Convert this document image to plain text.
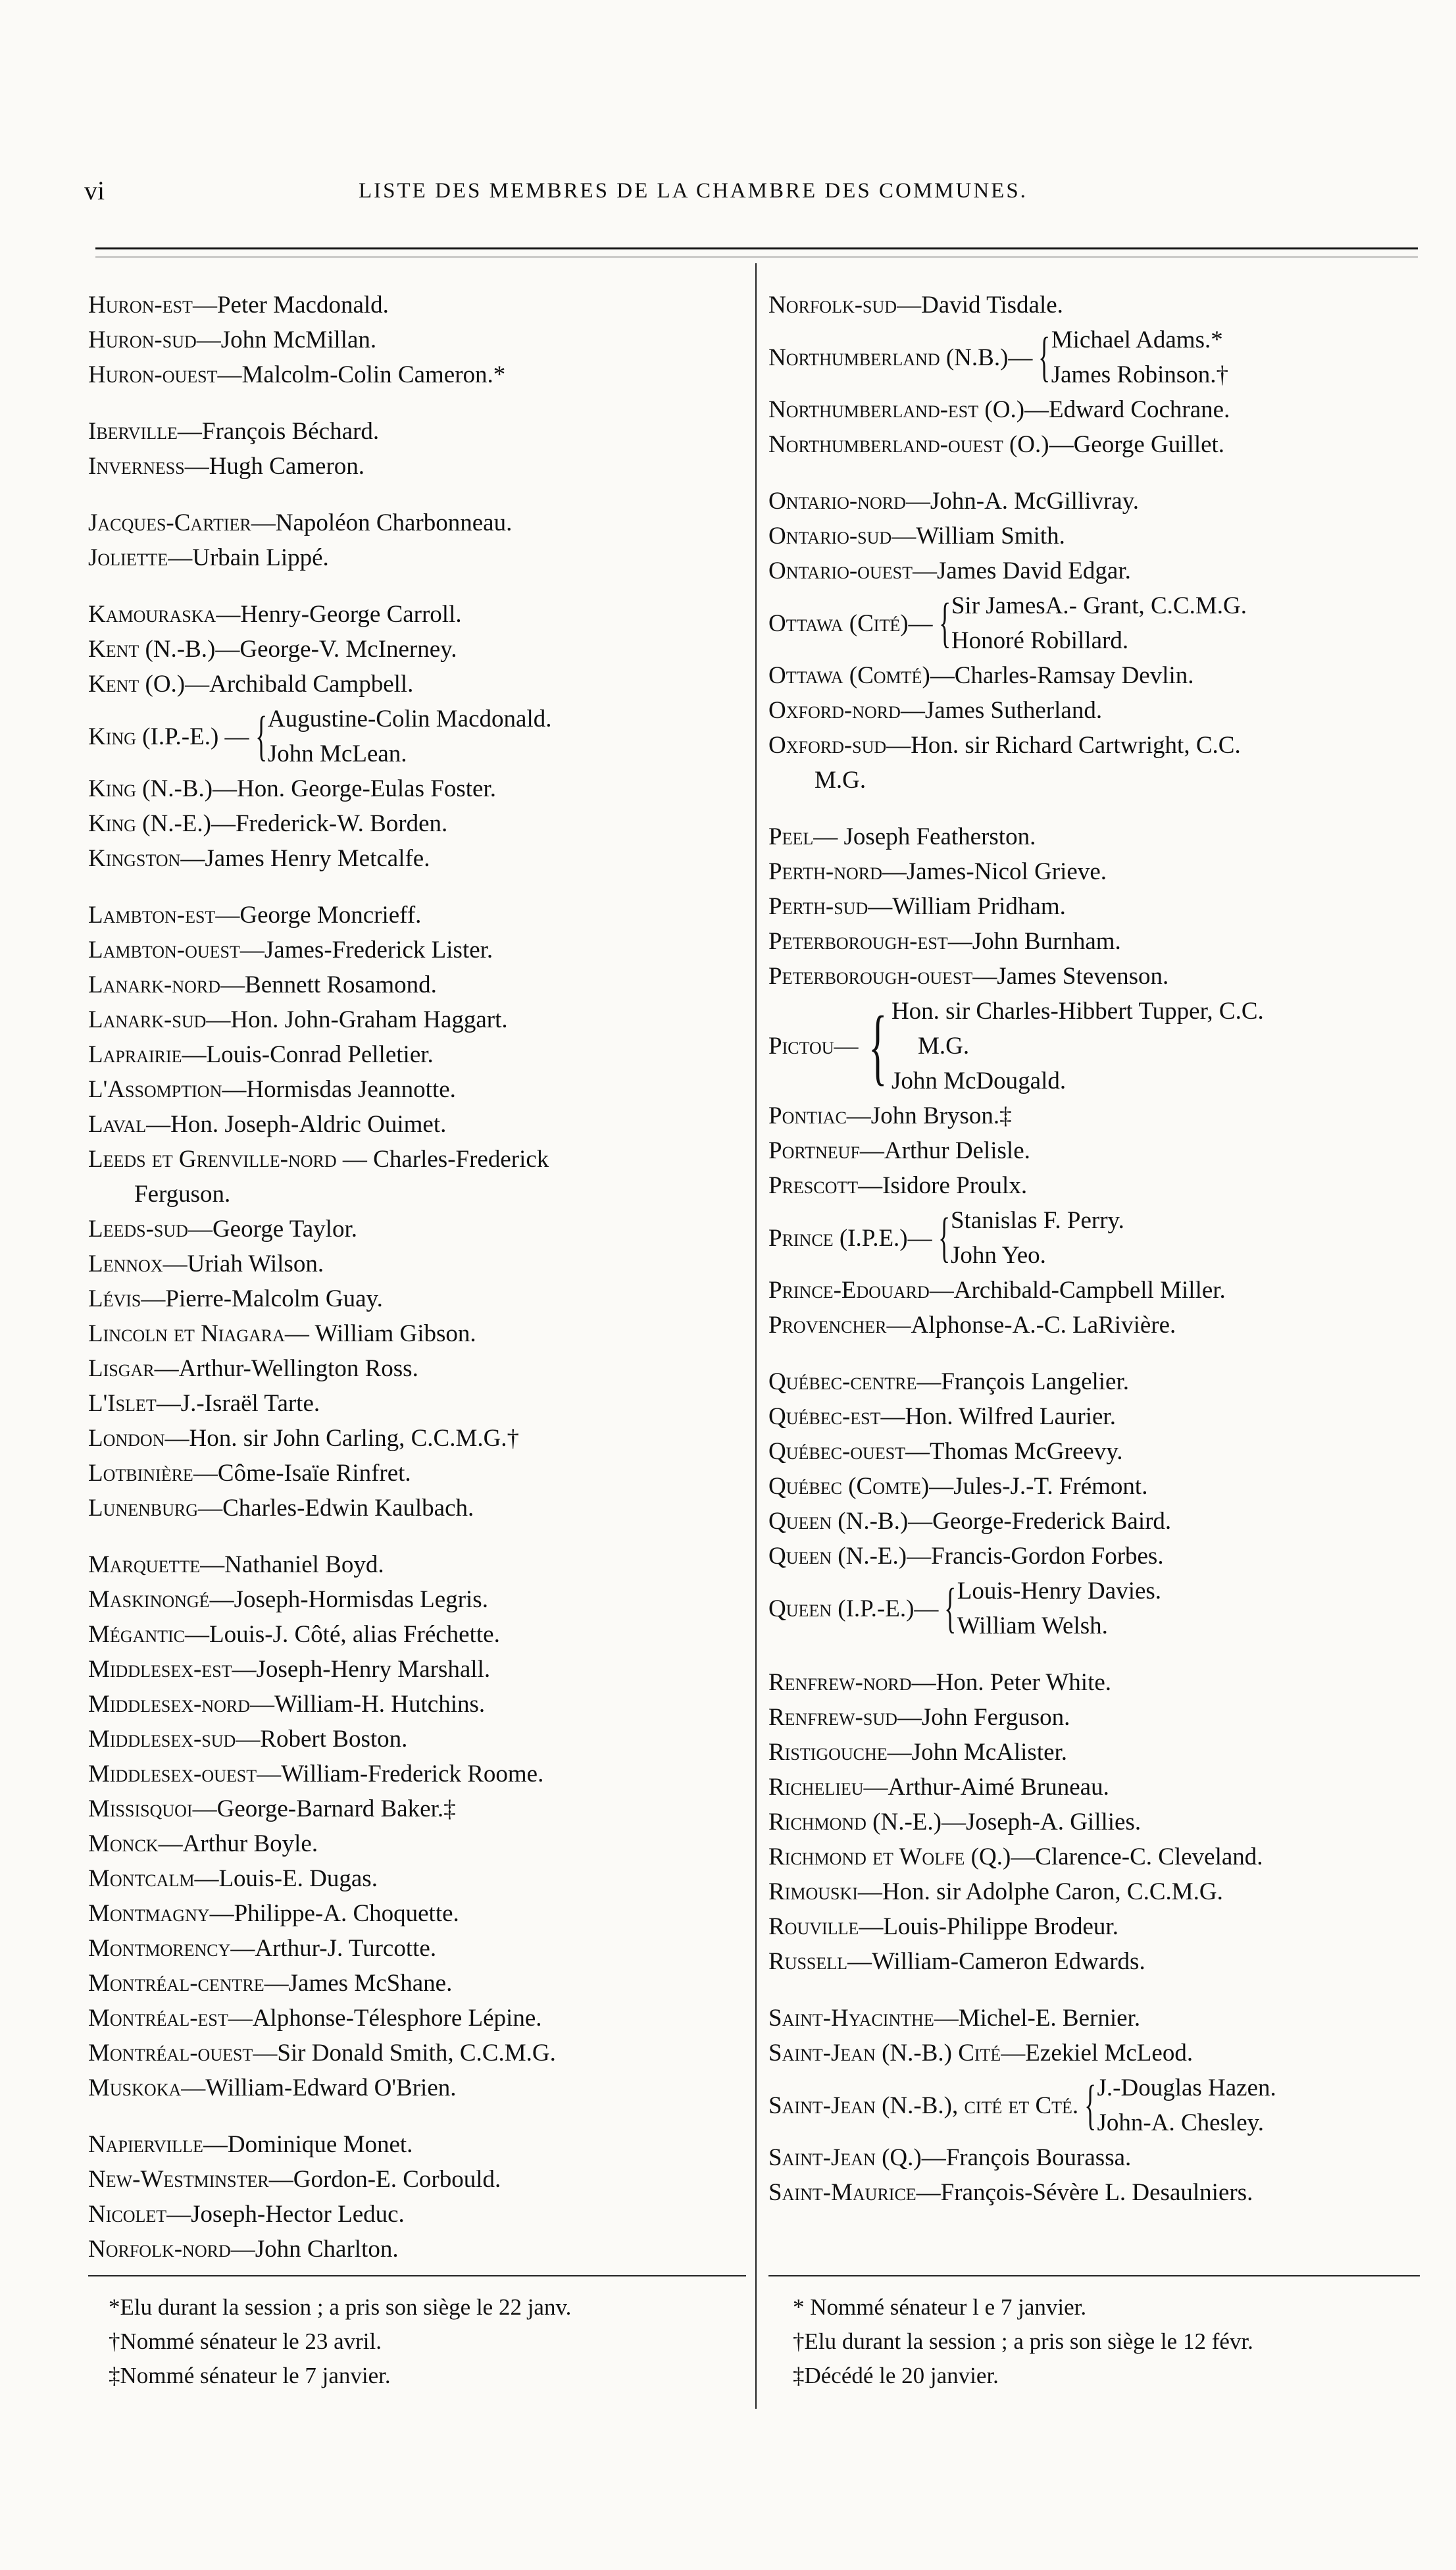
vi	LISTE DES MEMBRES DE LA CHAMBRE DES COMMUNES.
Huron-est—Peter Macdonald.
Huron-sud—John McMillan.
Huron-ouest—Malcolm-Colin Cameron.*
Iberville—François Béchard.
Inverness—Hugh Cameron.
Jacques-Cartier—Napoléon Charbonneau.
Joliette—Urbain Lippé.
Kamouraska—Henry-George Carroll.
Kent (N.-B.)—George-V. McInerney.
Kent (O.)—Archibald Campbell.
King (I.P.-E.) — { Augustine-Colin Macdonald.
John McLean.
King (N.-B.)—Hon. George-Eulas Foster.
King (N.-E.)—Frederick-W. Borden.
Kingston—James Henry Metcalfe.
Lambton-est—George Moncrieff.
Lambton-ouest—James-Frederick Lister.
Lanark-nord—Bennett Rosamond.
Lanark-sud—Hon. John-Graham Haggart.
Laprairie—Louis-Conrad Pelletier.
L'Assomption—Hormisdas Jeannotte.
Laval—Hon. Joseph-Aldric Ouimet.
Leeds et Grenville-nord — Charles-Frederick
Ferguson.
Leeds-sud—George Taylor.
Lennox—Uriah Wilson.
Lévis—Pierre-Malcolm Guay.
Lincoln et Niagara— William Gibson.
Lisgar—Arthur-Wellington Ross.
L'Islet—J.-Israël Tarte.
London—Hon. sir John Carling, C.C.M.G.†
Lotbinière—Côme-Isaïe Rinfret.
Lunenburg—Charles-Edwin Kaulbach.
Marquette—Nathaniel Boyd.
Maskinongé—Joseph-Hormisdas Legris.
Mégantic—Louis-J. Côté, alias Fréchette.
Middlesex-est—Joseph-Henry Marshall.
Middlesex-nord—William-H. Hutchins.
Middlesex-sud—Robert Boston.
Middlesex-ouest—William-Frederick Roome.
Missisquoi—George-Barnard Baker.‡
Monck—Arthur Boyle.
Montcalm—Louis-E. Dugas.
Montmagny—Philippe-A. Choquette.
Montmorency—Arthur-J. Turcotte.
Montréal-centre—James McShane.
Montréal-est—Alphonse-Télesphore Lépine.
Montréal-ouest—Sir Donald Smith, C.C.M.G.
Muskoka—William-Edward O'Brien.
Napierville—Dominique Monet.
New-Westminster—Gordon-E. Corbould.
Nicolet—Joseph-Hector Leduc.
Norfolk-nord—John Charlton.
Norfolk-sud—David Tisdale.
Northumberland (N.B.)— { Michael Adams.*
James Robinson.†
Northumberland-est (O.)—Edward Cochrane.
Northumberland-ouest (O.)—George Guillet.
Ontario-nord—John-A. McGillivray.
Ontario-sud—William Smith.
Ontario-ouest—James David Edgar.
Ottawa (Cité)— { Sir JamesA.- Grant, C.C.M.G.
Honoré Robillard.
Ottawa (Comté)—Charles-Ramsay Devlin.
Oxford-nord—James Sutherland.
Oxford-sud—Hon. sir Richard Cartwright, C.C.
M.G.
Peel— Joseph Featherston.
Perth-nord—James-Nicol Grieve.
Perth-sud—William Pridham.
Peterborough-est—John Burnham.
Peterborough-ouest—James Stevenson.
Pictou— { Hon. sir Charles-Hibbert Tupper, C.C.
M.G.
John McDougald.
Pontiac—John Bryson.‡
Portneuf—Arthur Delisle.
Prescott—Isidore Proulx.
Prince (I.P.E.)— { Stanislas F. Perry.
John Yeo.
Prince-Edouard—Archibald-Campbell Miller.
Provencher—Alphonse-A.-C. LaRivière.
Québec-centre—François Langelier.
Québec-est—Hon. Wilfred Laurier.
Québec-ouest—Thomas McGreevy.
Québec (Comte)—Jules-J.-T. Frémont.
Queen (N.-B.)—George-Frederick Baird.
Queen (N.-E.)—Francis-Gordon Forbes.
Queen (I.P.-E.)— { Louis-Henry Davies.
William Welsh.
Renfrew-nord—Hon. Peter White.
Renfrew-sud—John Ferguson.
Ristigouche—John McAlister.
Richelieu—Arthur-Aimé Bruneau.
Richmond (N.-E.)—Joseph-A. Gillies.
Richmond et Wolfe (Q.)—Clarence-C. Cleveland.
Rimouski—Hon. sir Adolphe Caron, C.C.M.G.
Rouville—Louis-Philippe Brodeur.
Russell—William-Cameron Edwards.
Saint-Hyacinthe—Michel-E. Bernier.
Saint-Jean (N.-B.) Cité—Ezekiel McLeod.
Saint-Jean (N.-B.), cité et Cté. { J.-Douglas Hazen.
John-A. Chesley.
Saint-Jean (Q.)—François Bourassa.
Saint-Maurice—François-Sévère L. Desaulniers.
*Elu durant la session ; a pris son siège le 22 janv.
†Nommé sénateur le 23 avril.
‡Nommé sénateur le 7 janvier.
* Nommé sénateur l e 7 janvier.
†Elu durant la session ; a pris son siège le 12 févr.
‡Décédé le 20 janvier.
